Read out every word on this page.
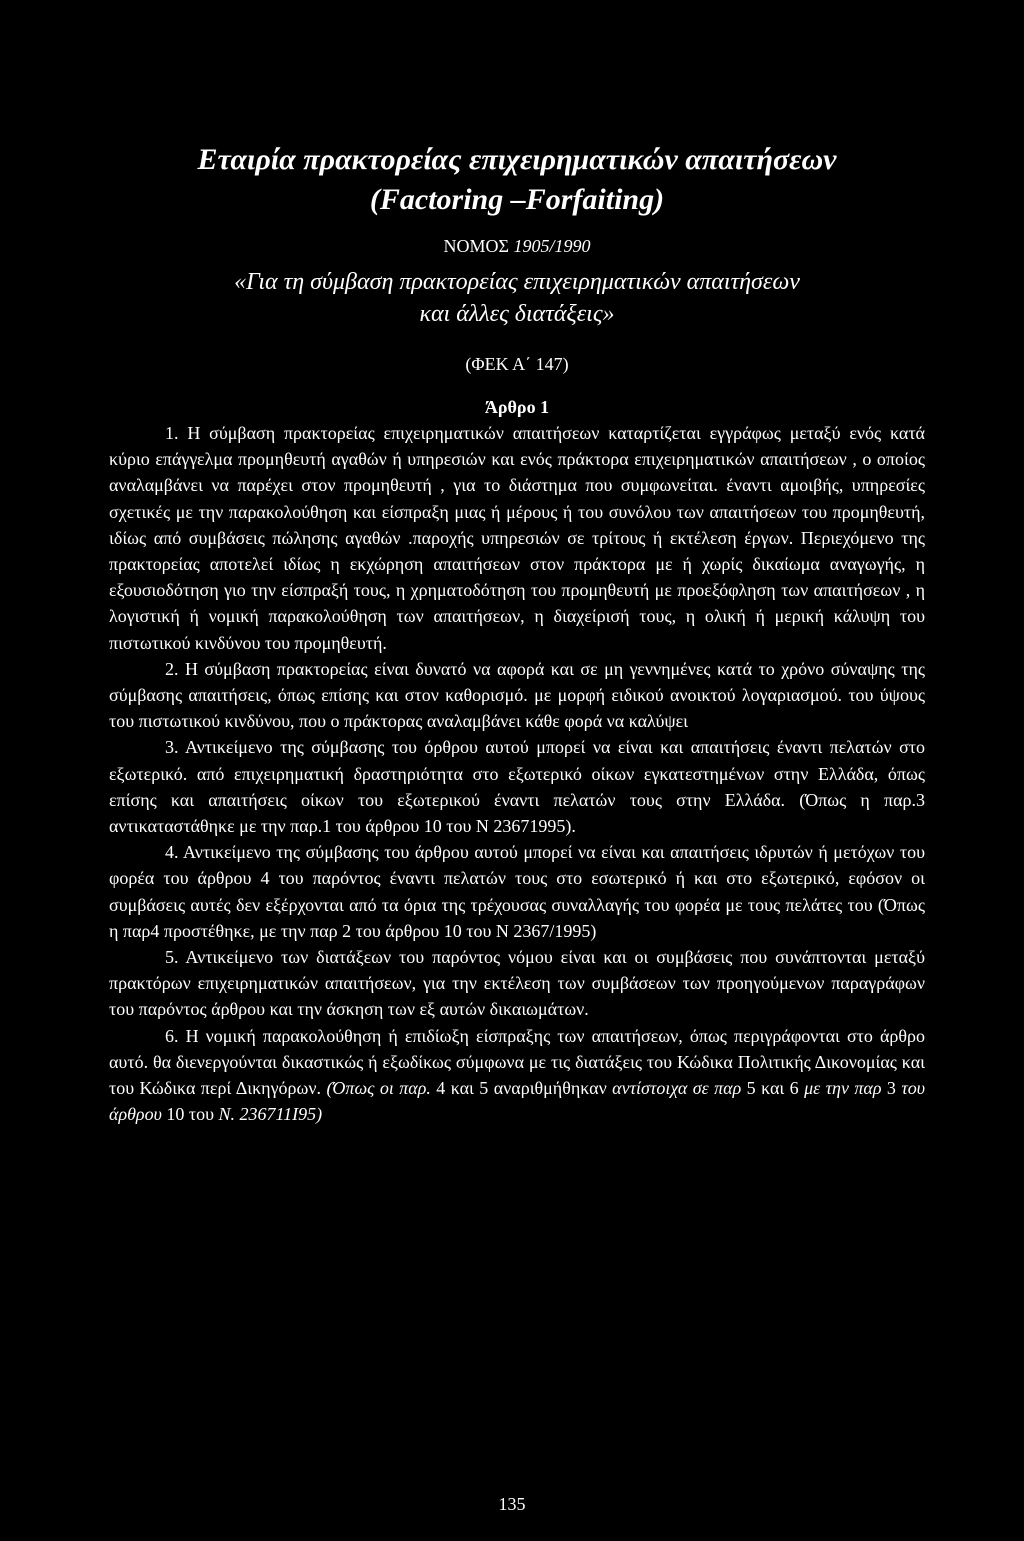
Εταιρία πρακτορείας επιχειρηματικών απαιτήσεων

(Factoring –Forfaiting)

ΝΟΜΟΣ 1905/1990
«Για τη σύμβαση πρακτορείας επιχειρηματικών απαιτήσεων
και άλλες διατάξεις»
(ΦΕΚ Α΄ 147)
Άρθρο 1

1. Η σύμβαση πρακτορείας επιχειρηματικών απαιτήσεων καταρτίζεται εγγράφως μεταξύ ενός κατά κύριο επάγγελμα προμηθευτή αγαθών ή υπηρεσιών και ενός πράκτορα επιχειρηματικών απαιτήσεων , ο οποίος αναλαμβάνει να παρέχει στον προμηθευτή , για το διάστημα που συμφωνείται. έναντι αμοιβής, υπηρεσίες σχετικές με την παρακολούθηση και είσπραξη μιας ή μέρους ή του συνόλου των απαιτήσεων του προμηθευτή, ιδίως από συμβάσεις πώλησης αγαθών .παροχής υπηρεσιών σε τρίτους ή εκτέλεση έργων. Περιεχόμενο της πρακτορείας αποτελεί ιδίως η εκχώρηση απαιτήσεων στον πράκτορα με ή χωρίς δικαίωμα αναγωγής, η εξουσιοδότηση γιο την είσπραξή τους, η χρηματοδότηση του προμηθευτή με προεξόφληση των απαιτήσεων , η λογιστική ή νομική παρακολούθηση των απαιτήσεων, η διαχείρισή τους, η ολική ή μερική κάλυψη του πιστωτικού κινδύνου του προμηθευτή.

2. Η σύμβαση πρακτορείας είναι δυνατό να αφορά και σε μη γεννημένες κατά το χρόνο σύναψης της σύμβασης απαιτήσεις, όπως επίσης και στον καθορισμό. με μορφή ειδικού ανοικτού λογαριασμού. του ύψους του πιστωτικού κινδύνου, που ο πράκτορας αναλαμβάνει κάθε φορά να καλύψει

3. Αντικείμενο της σύμβασης του όρθρου αυτού μπορεί να είναι και απαιτήσεις έναντι πελατών στο εξωτερικό. από επιχειρηματική δραστηριότητα στο εξωτερικό οίκων εγκατεστημένων στην Ελλάδα, όπως επίσης και απαιτήσεις οίκων του εξωτερικού έναντι πελατών τους στην Ελλάδα. (Όπως η παρ.3 αντικαταστάθηκε με την παρ.1 του άρθρου 10 του Ν 23671995).

4. Αντικείμενο της σύμβασης του άρθρου αυτού μπορεί να είναι και απαιτήσεις ιδρυτών ή μετόχων του φορέα του άρθρου 4 του παρόντος έναντι πελατών τους στο εσωτερικό ή και στο εξωτερικό, εφόσον οι συμβάσεις αυτές δεν εξέρχονται από τα όρια της τρέχουσας συναλλαγής του φορέα με τους πελάτες του (Όπως η παρ4 προστέθηκε, με την παρ 2 του άρθρου 10 του Ν 2367/1995)

5. Αντικείμενο των διατάξεων του παρόντος νόμου είναι και οι συμβάσεις που συνάπτονται μεταξύ πρακτόρων επιχειρηματικών απαιτήσεων, για την εκτέλεση των συμβάσεων των προηγούμενων παραγράφων του παρόντος άρθρου και την άσκηση των εξ αυτών δικαιωμάτων.

6. Η νομική παρακολούθηση ή επιδίωξη είσπραξης των απαιτήσεων, όπως περιγράφονται στο άρθρο αυτό. θα διενεργούνται δικαστικώς ή εξωδίκως σύμφωνα με τις διατάξεις του Κώδικα Πολιτικής Δικονομίας και του Κώδικα περί Δικηγόρων. (Όπως οι παρ. 4 και 5 αναριθμήθηκαν αντίστοιχα σε παρ 5 και 6 με την παρ 3 του άρθρου 10 του Ν. 236711Ι95)

135
